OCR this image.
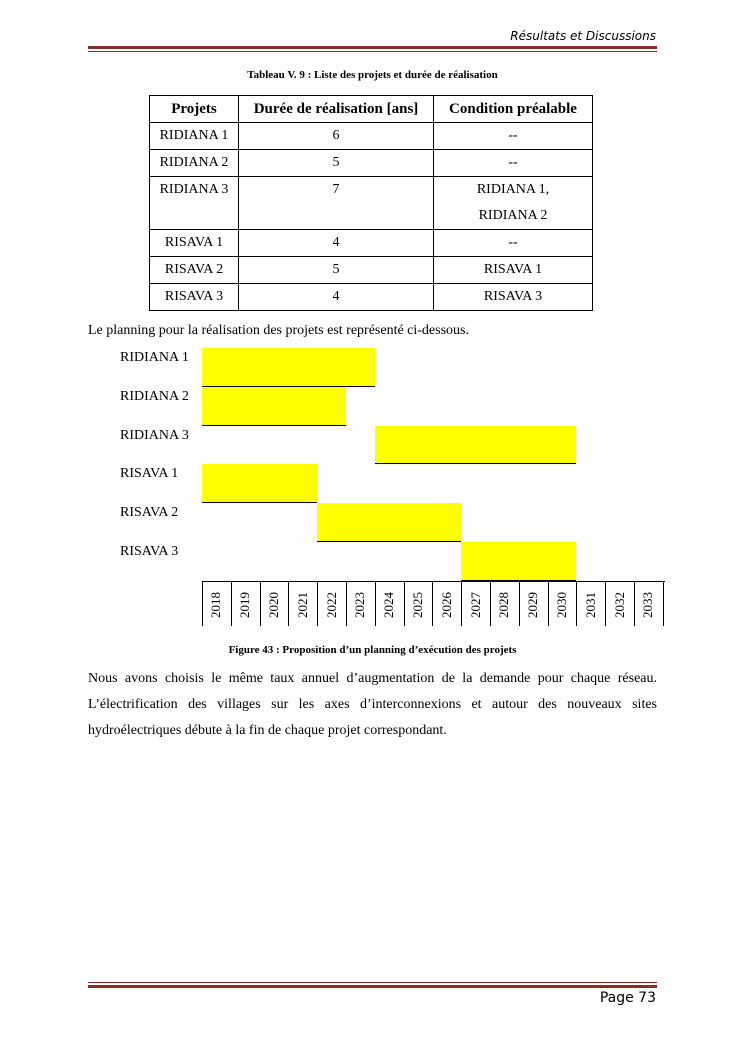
Résultats et Discussions
Tableau V. 9 : Liste des projets et durée de réalisation
Projets	Durée de réalisation [ans]	Condition préalable
RIDIANA 1	6	--
RIDIANA 2	5	--
RIDIANA 3	7	RIDIANA 1, RIDIANA 2
RISAVA 1	4	--
RISAVA 2	5	RISAVA 1
RISAVA 3	4	RISAVA 3
Le planning pour la réalisation des projets est représenté ci-dessous.
RIDIANA 1
RIDIANA 2
RIDIANA 3
RISAVA 1
RISAVA 2
RISAVA 3
2018 2019 2020 2021 2022 2023 2024 2025 2026 2027 2028 2029 2030 2031 2032 2033
Figure 43 : Proposition d’un planning d’exécution des projets
Nous avons choisis le même taux annuel d’augmentation de la demande pour chaque réseau. L’électrification des villages sur les axes d’interconnexions et autour des nouveaux sites hydroélectriques débute à la fin de chaque projet correspondant.
Page 73
